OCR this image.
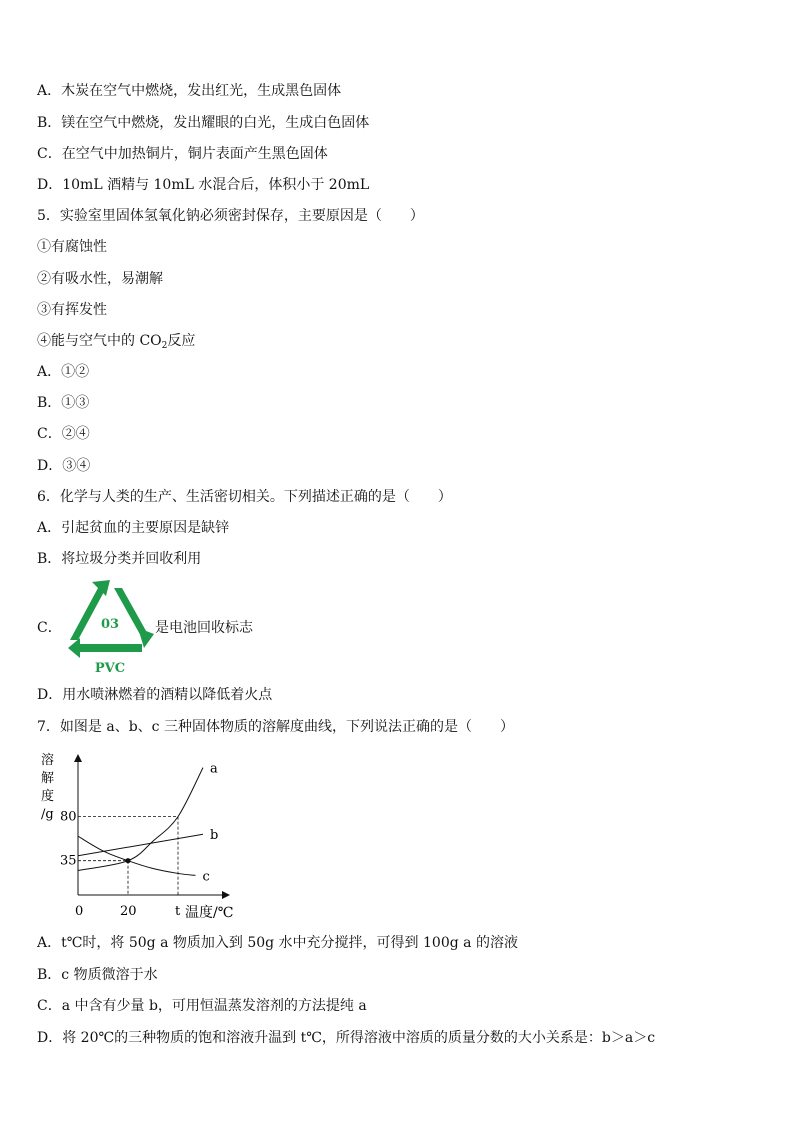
A．木炭在空气中燃烧，发出红光，生成黑色固体
B．镁在空气中燃烧，发出耀眼的白光，生成白色固体
C．在空气中加热铜片，铜片表面产生黑色固体
D．10mL 酒精与 10mL 水混合后，体积小于 20mL
5．实验室里固体氢氧化钠必须密封保存，主要原因是（　　）
①有腐蚀性
②有吸水性，易潮解
③有挥发性
④能与空气中的 $CO_2$反应
A．①②
B．①③
C．②④
D．③④
6．化学与人类的生产、生活密切相关。下列描述正确的是（　　）
A．引起贫血的主要原因是缺锌
B．将垃圾分类并回收利用
C．	03
PVC
是电池回收标志
D．用水喷淋燃着的酒精以降低着火点
7．如图是 a、b、c 三种固体物质的溶解度曲线，下列说法正确的是（　　）
溶
解
度
/g
0	20	t 温度/℃
80
35
a
b
c
A．t℃时，将 50g a 物质加入到 50g 水中充分搅拌，可得到 100g a 的溶液
B．c 物质微溶于水
C．a 中含有少量 b，可用恒温蒸发溶剂的方法提纯 a
D．将 20℃的三种物质的饱和溶液升温到 t℃，所得溶液中溶质的质量分数的大小关系是：b＞a＞c
